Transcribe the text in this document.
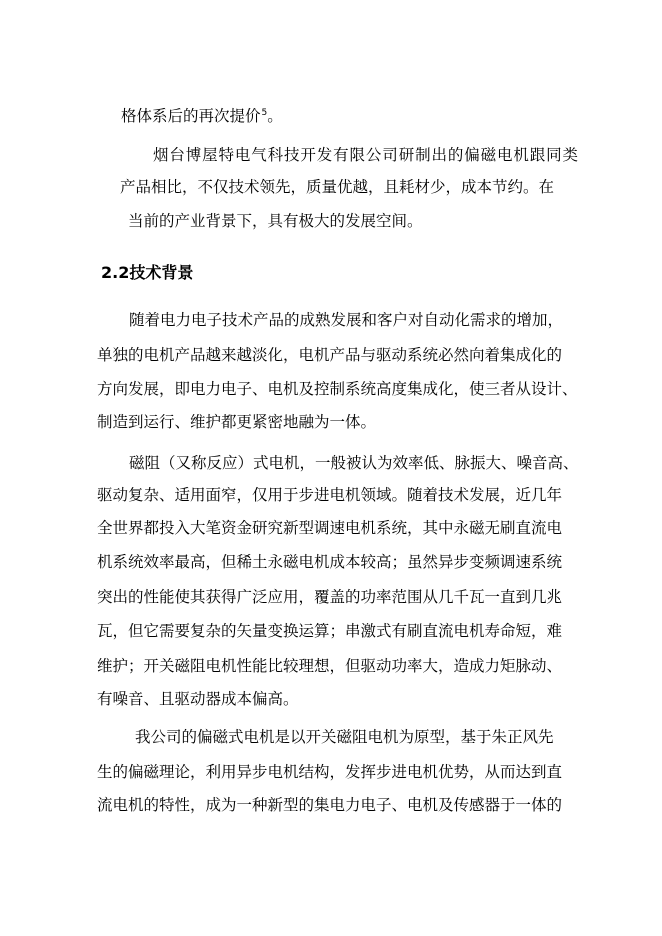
格体系后的再次提价$^5$。
烟台博屋特电气科技开发有限公司研制出的偏磁电机跟同类
产品相比，不仅技术领先，质量优越，且耗材少，成本节约。在
当前的产业背景下，具有极大的发展空间。
2.2技术背景
随着电力电子技术产品的成熟发展和客户对自动化需求的增加，
单独的电机产品越来越淡化，电机产品与驱动系统必然向着集成化的
方向发展，即电力电子、电机及控制系统高度集成化，使三者从设计、
制造到运行、维护都更紧密地融为一体。
磁阻（又称反应）式电机，一般被认为效率低、脉振大、噪音高、
驱动复杂、适用面窄，仅用于步进电机领域。随着技术发展，近几年
全世界都投入大笔资金研究新型调速电机系统，其中永磁无刷直流电
机系统效率最高，但稀土永磁电机成本较高；虽然异步变频调速系统
突出的性能使其获得广泛应用，覆盖的功率范围从几千瓦一直到几兆
瓦，但它需要复杂的矢量变换运算；串激式有刷直流电机寿命短，难
维护；开关磁阻电机性能比较理想，但驱动功率大，造成力矩脉动、
有噪音、且驱动器成本偏高。
我公司的偏磁式电机是以开关磁阻电机为原型，基于朱正风先
生的偏磁理论，利用异步电机结构，发挥步进电机优势，从而达到直
流电机的特性，成为一种新型的集电力电子、电机及传感器于一体的
